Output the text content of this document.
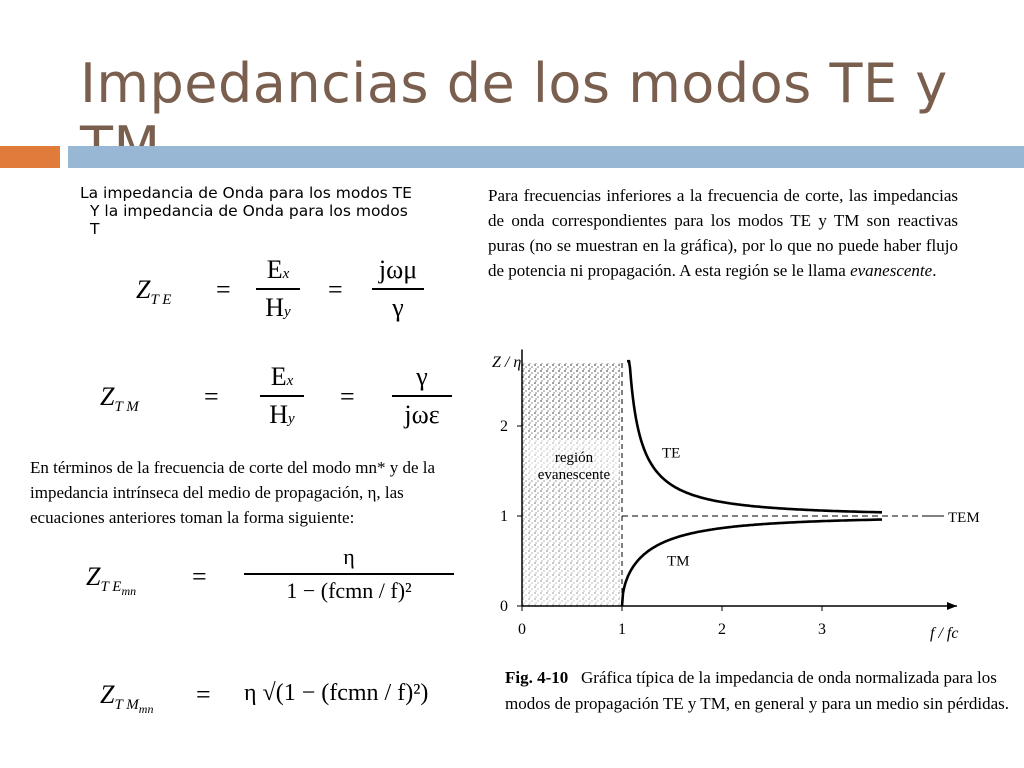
Impedancias de los modos TE y
La impedancia de Onda para los modos TE
Y la impedancia de Onda para los modos
T
$Z_{T E}$ =
Ex
Hy
=
jωμ
γ
$Z_{T M}$	=
Ex
Hy
=
γ
jωε
En términos de la frecuencia de corte del modo mn* y de la impedancia intrínseca del medio de propagación, η, las ecuaciones anteriores toman la forma siguiente:
$Z_{T Emn}$ =
η
1 − (fcmn / f)²
$Z_{T Mmn} = \eta$ √(1 − (fcmn / f)²)
Para frecuencias inferiores a la frecuencia de corte, las impedancias de onda correspondientes para los modos TE y TM son reactivas puras (no se muestran en la gráfica), por lo que no puede haber flujo de potencia ni propagación. A esta región se le llama evanescente.
región
evanescente
0	1	2	3
0
1
2
Z / η
f / fc
TE
TM
TEM
Fig. 4-10 Gráfica típica de la impedancia de onda normalizada para los modos de propagación TE y TM, en general y para un medio sin pérdidas.
